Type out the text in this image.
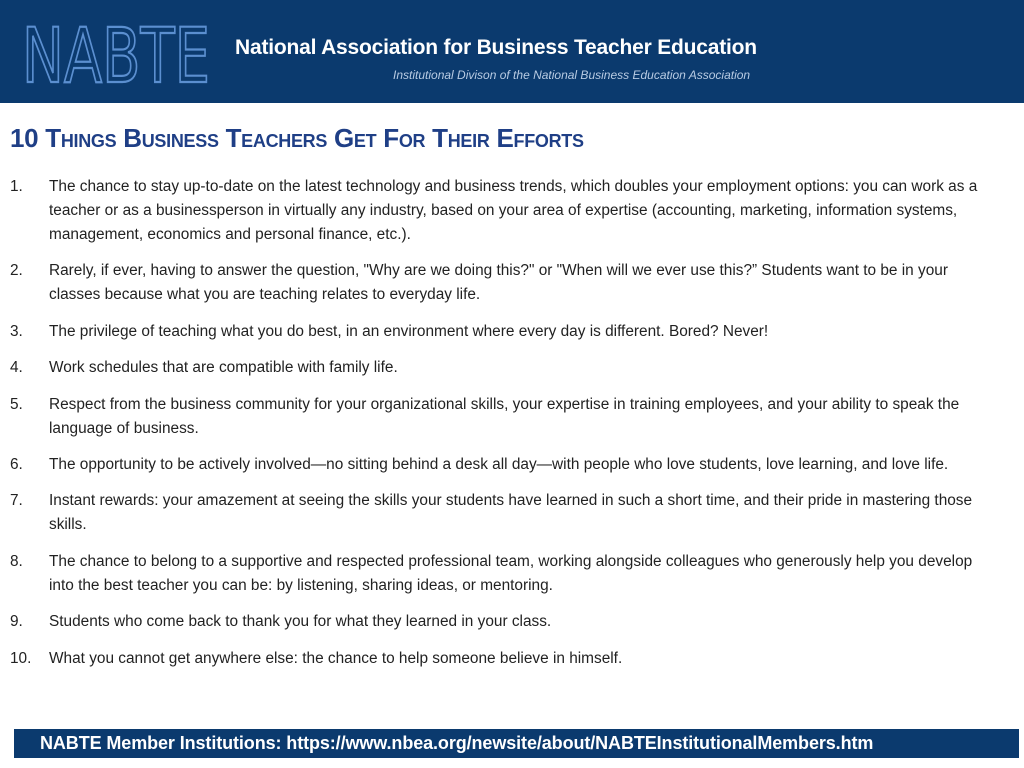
NABTE National Association for Business Teacher Education
Institutional Divison of the National Business Education Association
10 Things Business Teachers Get For Their Efforts
1. The chance to stay up-to-date on the latest technology and business trends, which doubles your employment options: you can work as a teacher or as a businessperson in virtually any industry, based on your area of expertise (accounting, marketing, information systems, management, economics and personal finance, etc.).
2. Rarely, if ever, having to answer the question, "Why are we doing this?" or "When will we ever use this?” Students want to be in your classes because what you are teaching relates to everyday life.
3. The privilege of teaching what you do best, in an environment where every day is different. Bored? Never!
4. Work schedules that are compatible with family life.
5. Respect from the business community for your organizational skills, your expertise in training employees, and your ability to speak the language of business.
6. The opportunity to be actively involved—no sitting behind a desk all day—with people who love students, love learning, and love life.
7. Instant rewards: your amazement at seeing the skills your students have learned in such a short time, and their pride in mastering those skills.
8. The chance to belong to a supportive and respected professional team, working alongside colleagues who generously help you develop into the best teacher you can be: by listening, sharing ideas, or mentoring.
9. Students who come back to thank you for what they learned in your class.
10. What you cannot get anywhere else: the chance to help someone believe in himself.
NABTE Member Institutions: https://www.nbea.org/newsite/about/NABTEInstitutionalMembers.htm
